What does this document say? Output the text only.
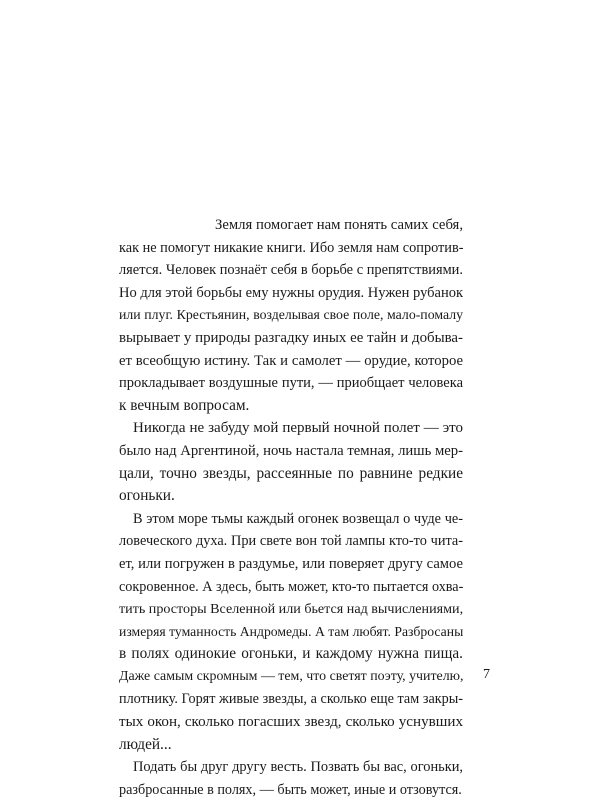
Земля помогает нам понять самих себя,
как не помогут никакие книги. Ибо земля нам сопротив-
ляется. Человек познаёт себя в борьбе с препятствиями.
Но для этой борьбы ему нужны орудия. Нужен рубанок
или плуг. Крестьянин, возделывая свое поле, мало-помалу
вырывает у природы разгадку иных ее тайн и добыва-
ет всеобщую истину. Так и самолет — орудие, которое
прокладывает воздушные пути, — приобщает человека
к вечным вопросам.
Никогда не забуду мой первый ночной полет — это
было над Аргентиной, ночь настала темная, лишь мер-
цали, точно звезды, рассеянные по равнине редкие
огоньки.
В этом море тьмы каждый огонек возвещал о чуде че-
ловеческого духа. При свете вон той лампы кто-то чита-
ет, или погружен в раздумье, или поверяет другу самое
сокровенное. А здесь, быть может, кто-то пытается охва-
тить просторы Вселенной или бьется над вычислениями,
измеряя туманность Андромеды. А там любят. Разбросаны
в полях одинокие огоньки, и каждому нужна пища.
Даже самым скромным — тем, что светят поэту, учителю,
плотнику. Горят живые звезды, а сколько еще там закры-
тых окон, сколько погасших звезд, сколько уснувших
людей...
Подать бы друг другу весть. Позвать бы вас, огоньки,
разбросанные в полях, — быть может, иные и отзовутся.
7
